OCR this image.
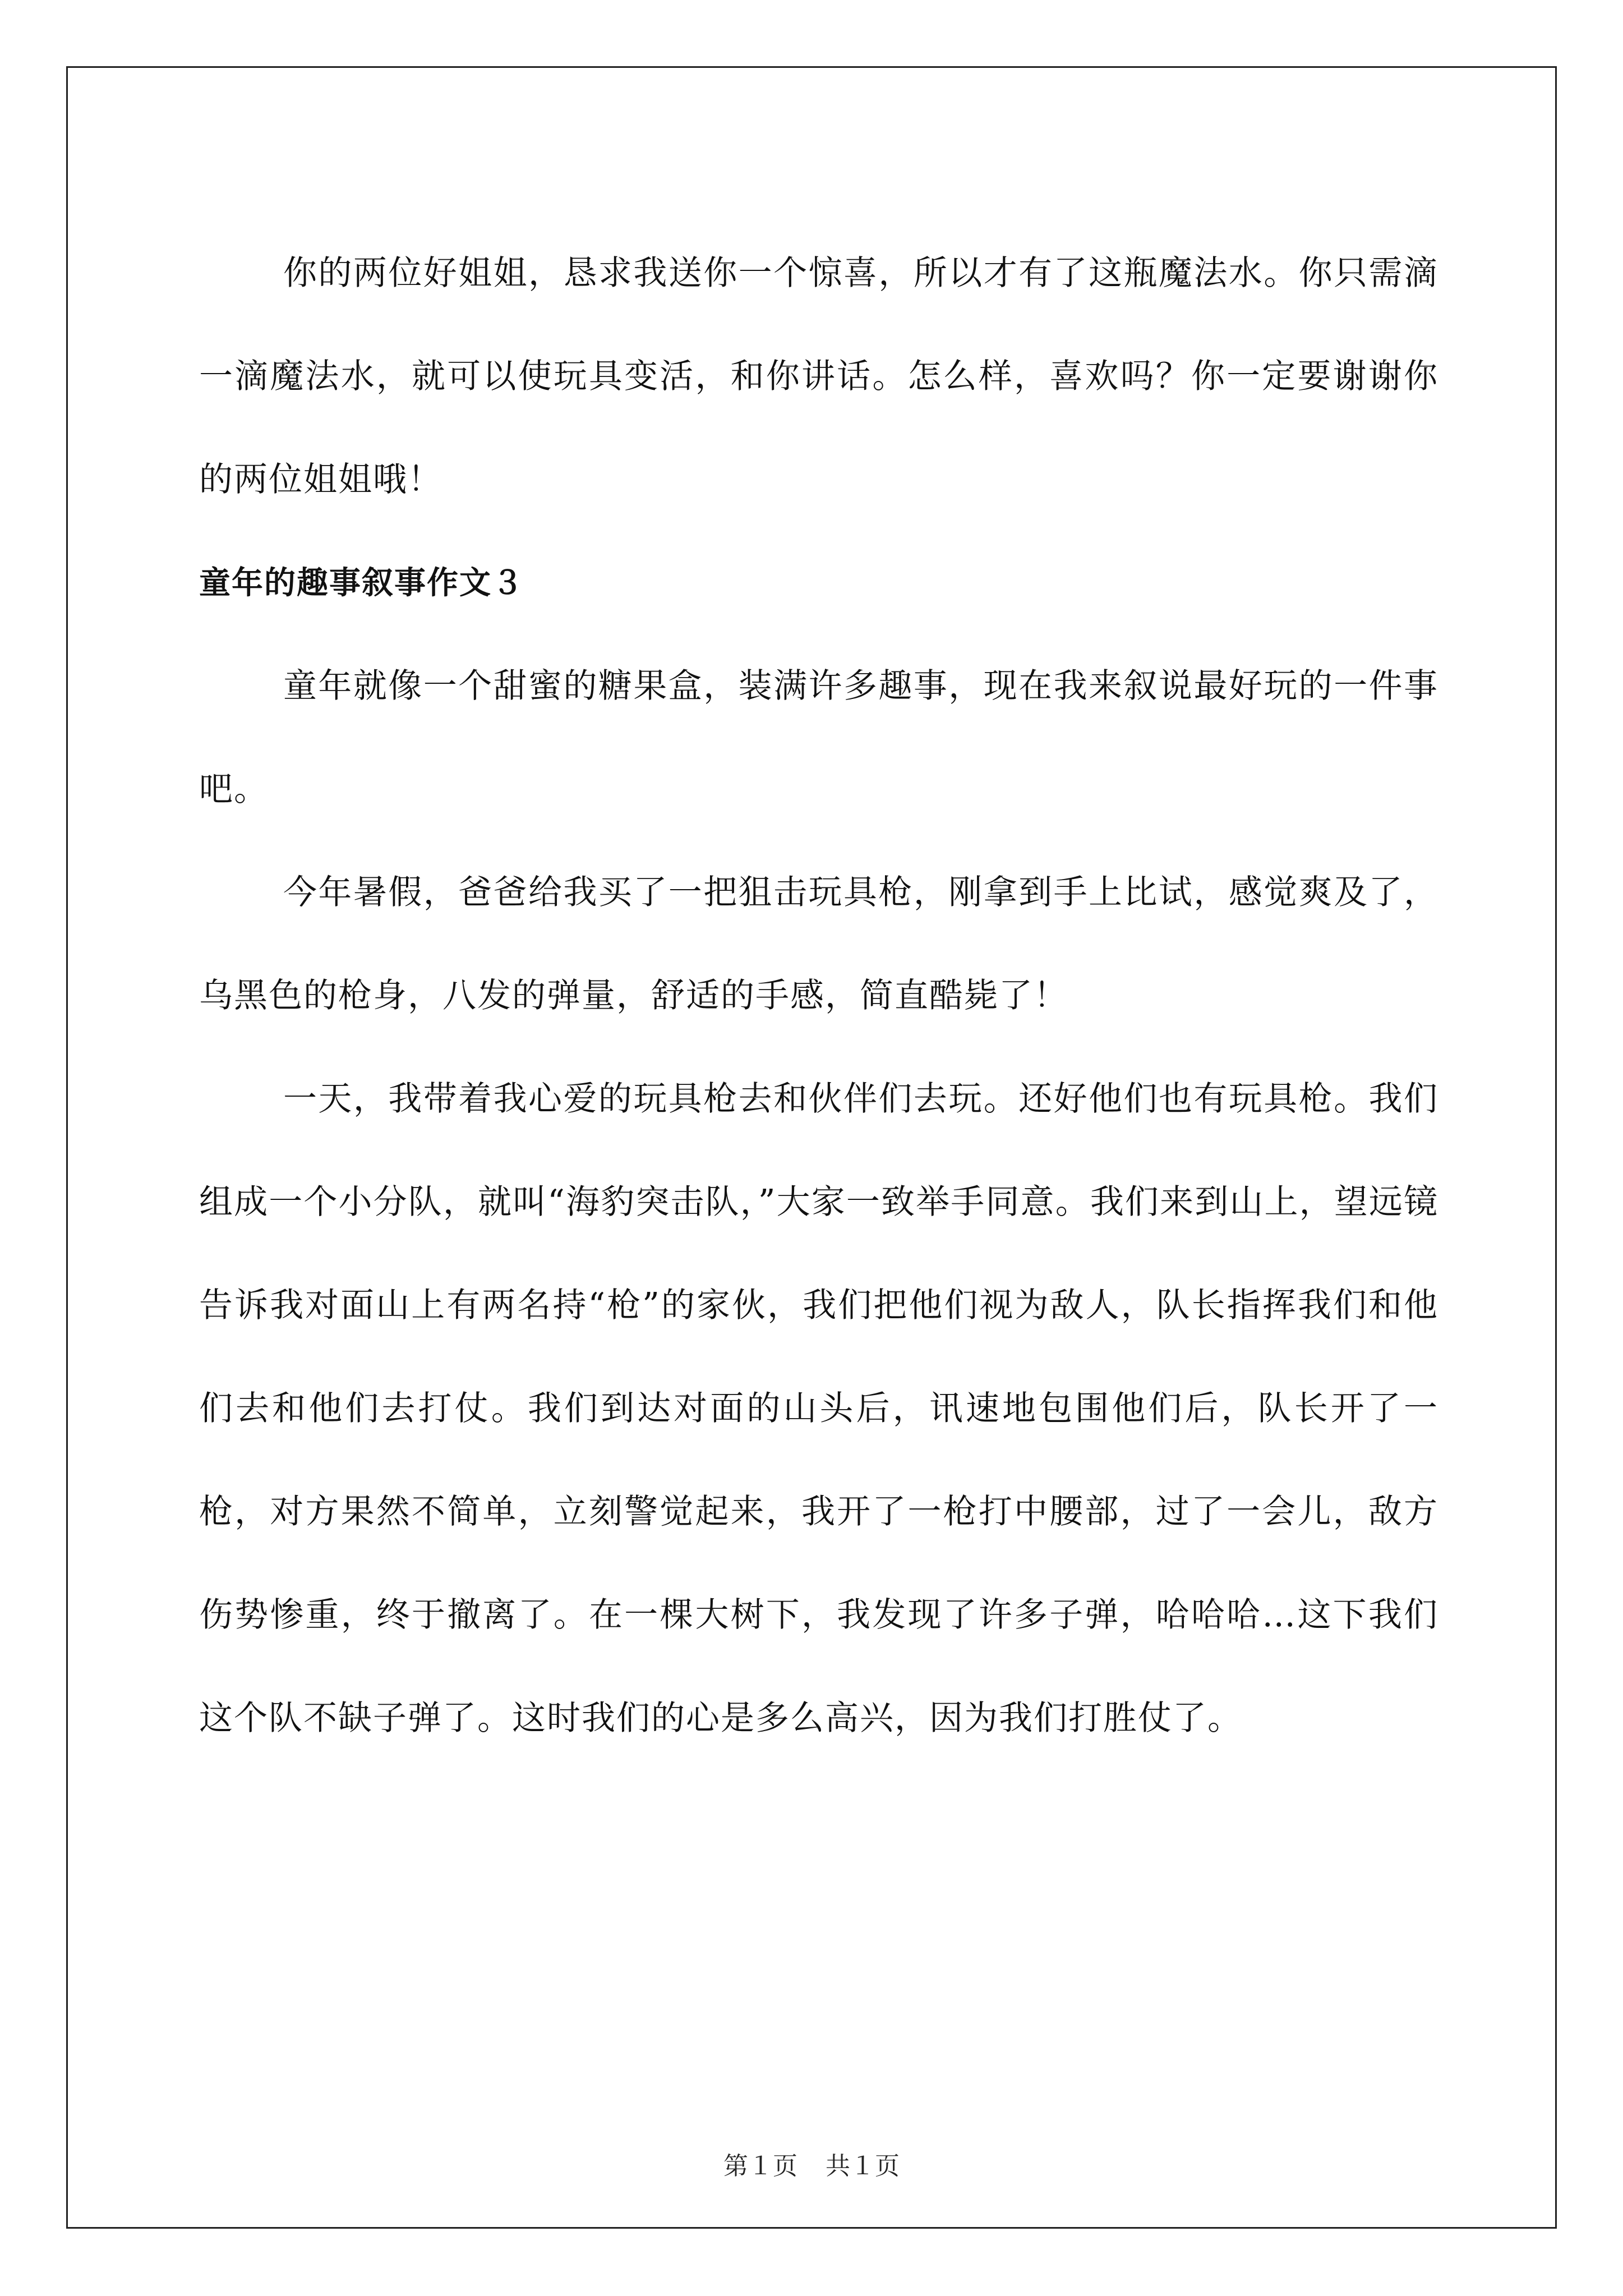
你的两位好姐姐，恳求我送你一个惊喜，所以才有了这瓶魔法水。你只需滴一滴魔法水，就可以使玩具变活，和你讲话。怎么样，喜欢吗？你一定要谢谢你的两位姐姐哦！

童年的趣事叙事作文３

童年就像一个甜蜜的糖果盒，装满许多趣事，现在我来叙说最好玩的一件事吧。

今年暑假，爸爸给我买了一把狙击玩具枪，刚拿到手上比试，感觉爽及了，乌黑色的枪身，八发的弹量，舒适的手感，简直酷毙了！

一天，我带着我心爱的玩具枪去和伙伴们去玩。还好他们也有玩具枪。我们组成一个小分队，就叫“海豹突击队，”大家一致举手同意。我们来到山上，望远镜告诉我对面山上有两名持“枪”的家伙，我们把他们视为敌人，队长指挥我们和他们去和他们去打仗。我们到达对面的山头后，讯速地包围他们后，队长开了一枪，对方果然不简单，立刻警觉起来，我开了一枪打中腰部，过了一会儿，敌方伤势惨重，终于撤离了。在一棵大树下，我发现了许多子弹，哈哈哈…这下我们这个队不缺子弹了。这时我们的心是多么高兴，因为我们打胜仗了。

第１页 共１页
